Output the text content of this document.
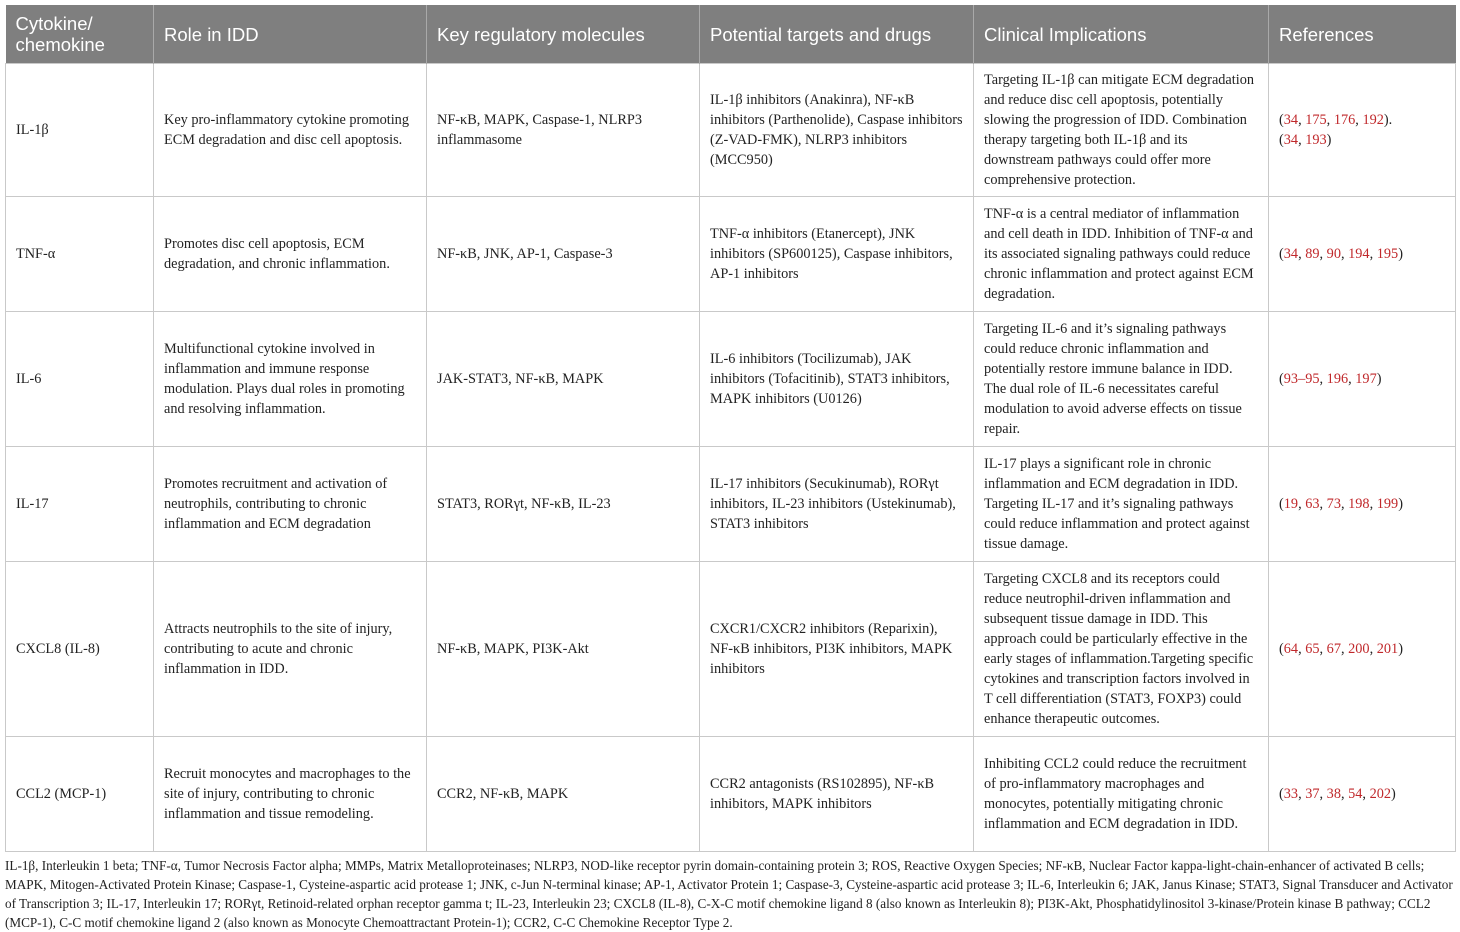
Cytokine/
chemokine	Role in IDD	Key regulatory molecules	Potential targets and drugs	Clinical Implications	References
IL-1β	Key pro-inflammatory cytokine promoting ECM degradation and disc cell apoptosis.	NF-κB, MAPK, Caspase-1, NLRP3 inflammasome	IL-1β inhibitors (Anakinra), NF-κB inhibitors (Parthenolide), Caspase inhibitors (Z-VAD-FMK), NLRP3 inhibitors (MCC950)	Targeting IL-1β can mitigate ECM degradation and reduce disc cell apoptosis, potentially slowing the progression of IDD. Combination therapy targeting both IL-1β and its downstream pathways could offer more comprehensive protection.	(34, 175, 176, 192).
(34, 193)
TNF-α	Promotes disc cell apoptosis, ECM degradation, and chronic inflammation.	NF-κB, JNK, AP-1, Caspase-3	TNF-α inhibitors (Etanercept), JNK inhibitors (SP600125), Caspase inhibitors, AP-1 inhibitors	TNF-α is a central mediator of inflammation and cell death in IDD. Inhibition of TNF-α and its associated signaling pathways could reduce chronic inflammation and protect against ECM degradation.	(34, 89, 90, 194, 195)
IL-6	Multifunctional cytokine involved in inflammation and immune response modulation. Plays dual roles in promoting and resolving inflammation.	JAK-STAT3, NF-κB, MAPK	IL-6 inhibitors (Tocilizumab), JAK inhibitors (Tofacitinib), STAT3 inhibitors, MAPK inhibitors (U0126)	Targeting IL-6 and it’s signaling pathways could reduce chronic inflammation and potentially restore immune balance in IDD. The dual role of IL-6 necessitates careful modulation to avoid adverse effects on tissue repair.	(93–95, 196, 197)
IL-17	Promotes recruitment and activation of neutrophils, contributing to chronic inflammation and ECM degradation	STAT3, RORγt, NF-κB, IL-23	IL-17 inhibitors (Secukinumab), RORγt inhibitors, IL-23 inhibitors (Ustekinumab), STAT3 inhibitors	IL-17 plays a significant role in chronic inflammation and ECM degradation in IDD. Targeting IL-17 and it’s signaling pathways could reduce inflammation and protect against tissue damage.	(19, 63, 73, 198, 199)
CXCL8 (IL-8)	Attracts neutrophils to the site of injury, contributing to acute and chronic inflammation in IDD.	NF-κB, MAPK, PI3K-Akt	CXCR1/CXCR2 inhibitors (Reparixin), NF-κB inhibitors, PI3K inhibitors, MAPK inhibitors	Targeting CXCL8 and its receptors could reduce neutrophil-driven inflammation and subsequent tissue damage in IDD. This approach could be particularly effective in the early stages of inflammation.Targeting specific cytokines and transcription factors involved in T cell differentiation (STAT3, FOXP3) could enhance therapeutic outcomes.	(64, 65, 67, 200, 201)
CCL2 (MCP-1)	Recruit monocytes and macrophages to the site of injury, contributing to chronic inflammation and tissue remodeling.	CCR2, NF-κB, MAPK	CCR2 antagonists (RS102895), NF-κB inhibitors, MAPK inhibitors	Inhibiting CCL2 could reduce the recruitment of pro-inflammatory macrophages and monocytes, potentially mitigating chronic inflammation and ECM degradation in IDD.	(33, 37, 38, 54, 202)
IL-1β, Interleukin 1 beta; TNF-α, Tumor Necrosis Factor alpha; MMPs, Matrix Metalloproteinases; NLRP3, NOD-like receptor pyrin domain-containing protein 3; ROS, Reactive Oxygen Species; NF-κB, Nuclear Factor kappa-light-chain-enhancer of activated B cells; MAPK, Mitogen-Activated Protein Kinase; Caspase-1, Cysteine-aspartic acid protease 1; JNK, c-Jun N-terminal kinase; AP-1, Activator Protein 1; Caspase-3, Cysteine-aspartic acid protease 3; IL-6, Interleukin 6; JAK, Janus Kinase; STAT3, Signal Transducer and Activator of Transcription 3; IL-17, Interleukin 17; RORγt, Retinoid-related orphan receptor gamma t; IL-23, Interleukin 23; CXCL8 (IL-8), C-X-C motif chemokine ligand 8 (also known as Interleukin 8); PI3K-Akt, Phosphatidylinositol 3-kinase/Protein kinase B pathway; CCL2 (MCP-1), C-C motif chemokine ligand 2 (also known as Monocyte Chemoattractant Protein-1); CCR2, C-C Chemokine Receptor Type 2.
